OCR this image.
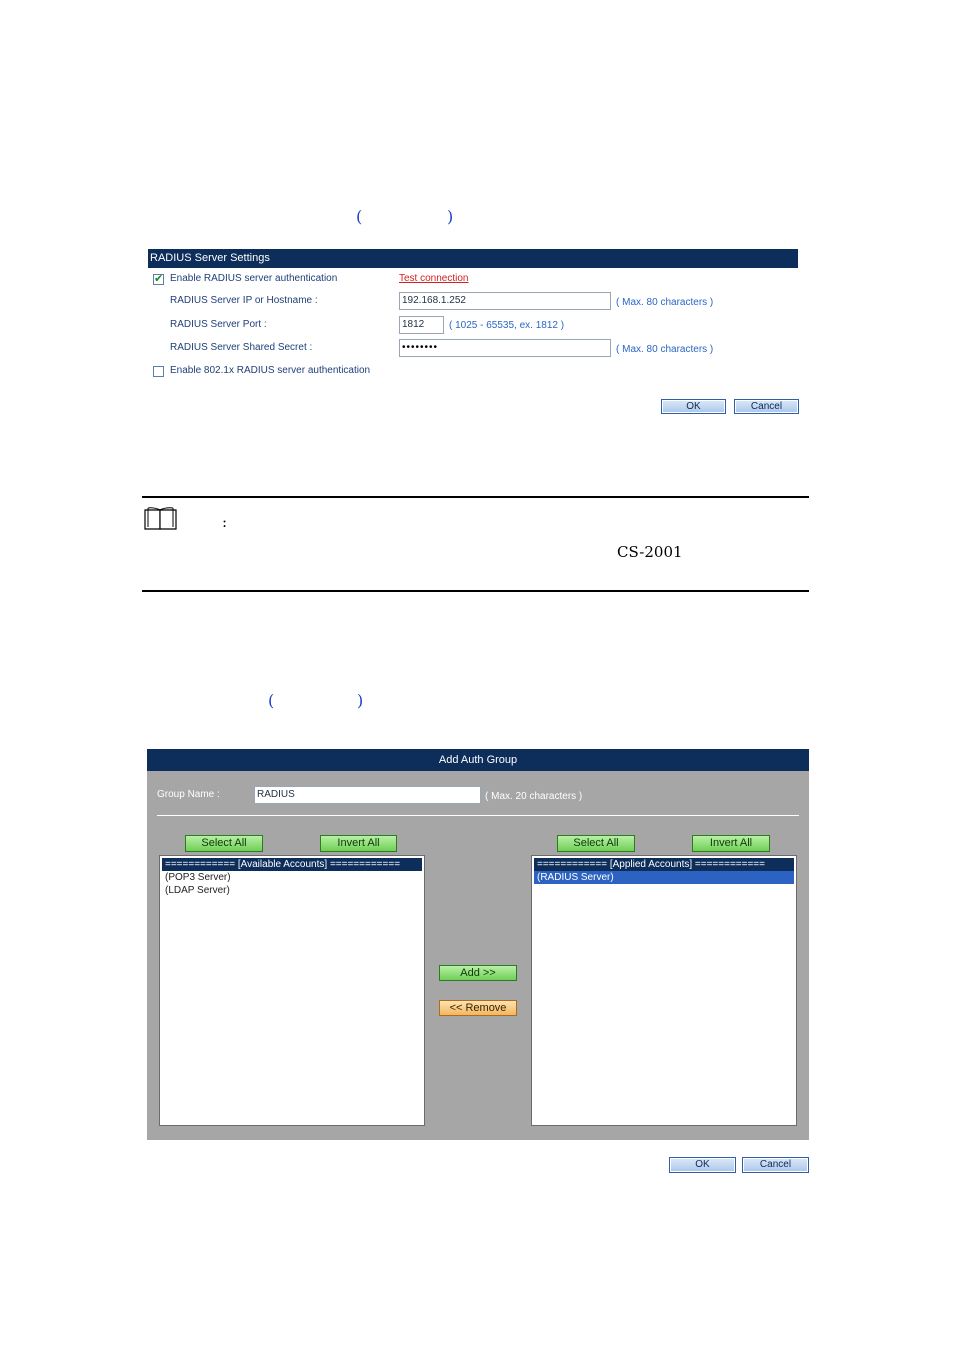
(	)
RADIUS Server Settings
✔
Enable RADIUS server authentication	Test connection
RADIUS Server IP or Hostname :	192.168.1.252	( Max. 80 characters )
RADIUS Server Port :	1812	( 1025 - 65535, ex. 1812 )
RADIUS Server Shared Secret :	••••••••	( Max. 80 characters )
Enable 802.1x RADIUS server authentication
OK	Cancel
:
CS-2001
(	)
Add Auth Group
Group Name :	RADIUS	( Max. 20 characters )
Select All	Invert All
============ [Available Accounts] ============
(POP3 Server)
(LDAP Server)
Add >>
<< Remove
Select All	Invert All
============ [Applied Accounts] ============
(RADIUS Server)
OK	Cancel
